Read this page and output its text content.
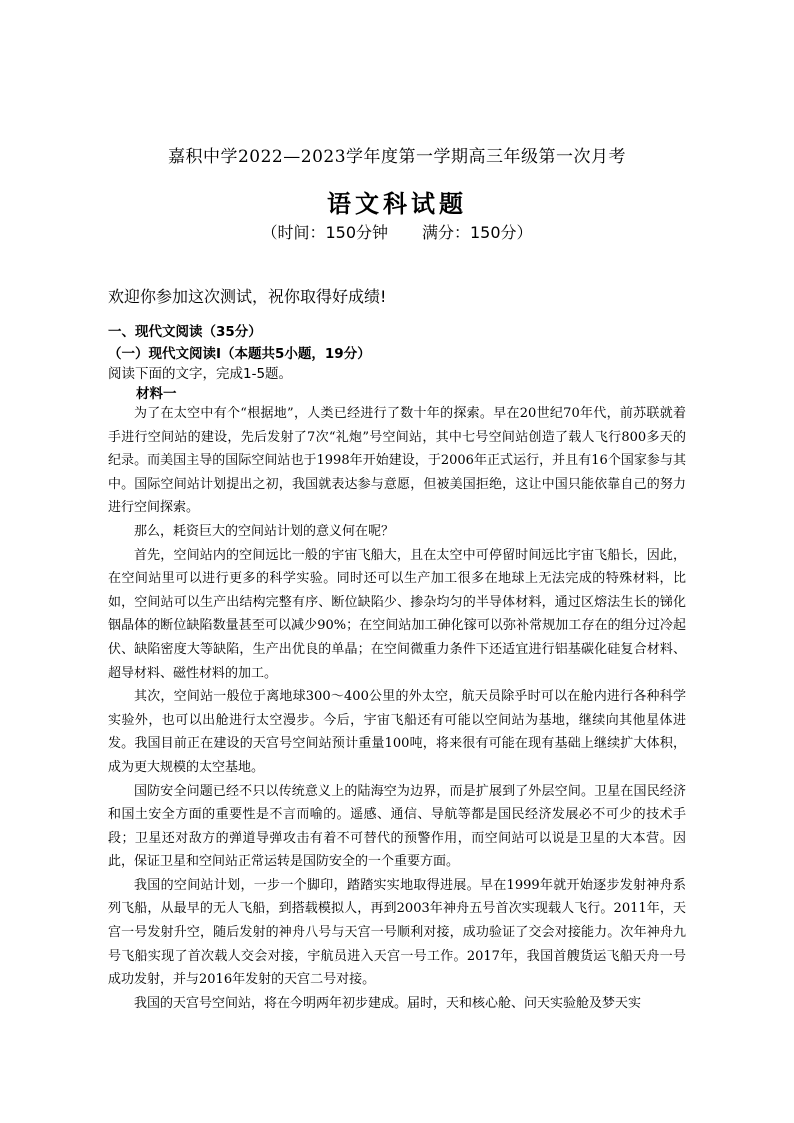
嘉积中学2022—2023学年度第一学期高三年级第一次月考
语文科试题
（时间：150分钟 满分：150分）
欢迎你参加这次测试，祝你取得好成绩!
一、现代文阅读（35分）
（一）现代文阅读Ⅰ（本题共5小题，19分）
阅读下面的文字，完成1-5题。
材料一

为了在太空中有个“根据地”，人类已经进行了数十年的探索。早在20世纪70年代，前苏联就着手进行空间站的建设，先后发射了7次“礼炮”号空间站，其中七号空间站创造了载人飞行800多天的纪录。而美国主导的国际空间站也于1998年开始建设，于2006年正式运行，并且有16个国家参与其中。国际空间站计划提出之初，我国就表达参与意愿，但被美国拒绝，这让中国只能依靠自己的努力进行空间探索。

那么，耗资巨大的空间站计划的意义何在呢？

首先，空间站内的空间远比一般的宇宙飞船大，且在太空中可停留时间远比宇宙飞船长，因此，在空间站里可以进行更多的科学实验。同时还可以生产加工很多在地球上无法完成的特殊材料，比如，空间站可以生产出结构完整有序、断位缺陷少、掺杂均匀的半导体材料，通过区熔法生长的锑化铟晶体的断位缺陷数量甚至可以减少90%；在空间站加工砷化镓可以弥补常规加工存在的组分过冷起伏、缺陷密度大等缺陷，生产出优良的单晶；在空间微重力条件下还适宜进行铝基碳化硅复合材料、超导材料、磁性材料的加工。

其次，空间站一般位于离地球300～400公里的外太空，航天员除乎时可以在舱内进行各种科学实验外，也可以出舱进行太空漫步。今后，宇宙飞船还有可能以空间站为基地，继续向其他星体进发。我国目前正在建设的天宫号空间站预计重量100吨，将来很有可能在现有基础上继续扩大体积，成为更大规模的太空基地。

国防安全问题已经不只以传统意义上的陆海空为边界，而是扩展到了外层空间。卫星在国民经济和国土安全方面的重要性是不言而喻的。遥感、通信、导航等都是国民经济发展必不可少的技术手段；卫星还对敌方的弹道导弹攻击有着不可替代的预警作用，而空间站可以说是卫星的大本营。因此，保证卫星和空间站正常运转是国防安全的一个重要方面。

我国的空间站计划，一步一个脚印，踏踏实实地取得进展。早在1999年就开始逐步发射神舟系列飞船，从最早的无人飞船，到搭载模拟人，再到2003年神舟五号首次实现载人飞行。2011年，天宫一号发射升空，随后发射的神舟八号与天宫一号顺利对接，成功验证了交会对接能力。次年神舟九号飞船实现了首次载人交会对接，宇航员进入天宫一号工作。2017年，我国首艘货运飞船天舟一号成功发射，并与2016年发射的天宫二号对接。

我国的天宫号空间站，将在今明两年初步建成。届时，天和核心舱、问天实验舱及梦天实
